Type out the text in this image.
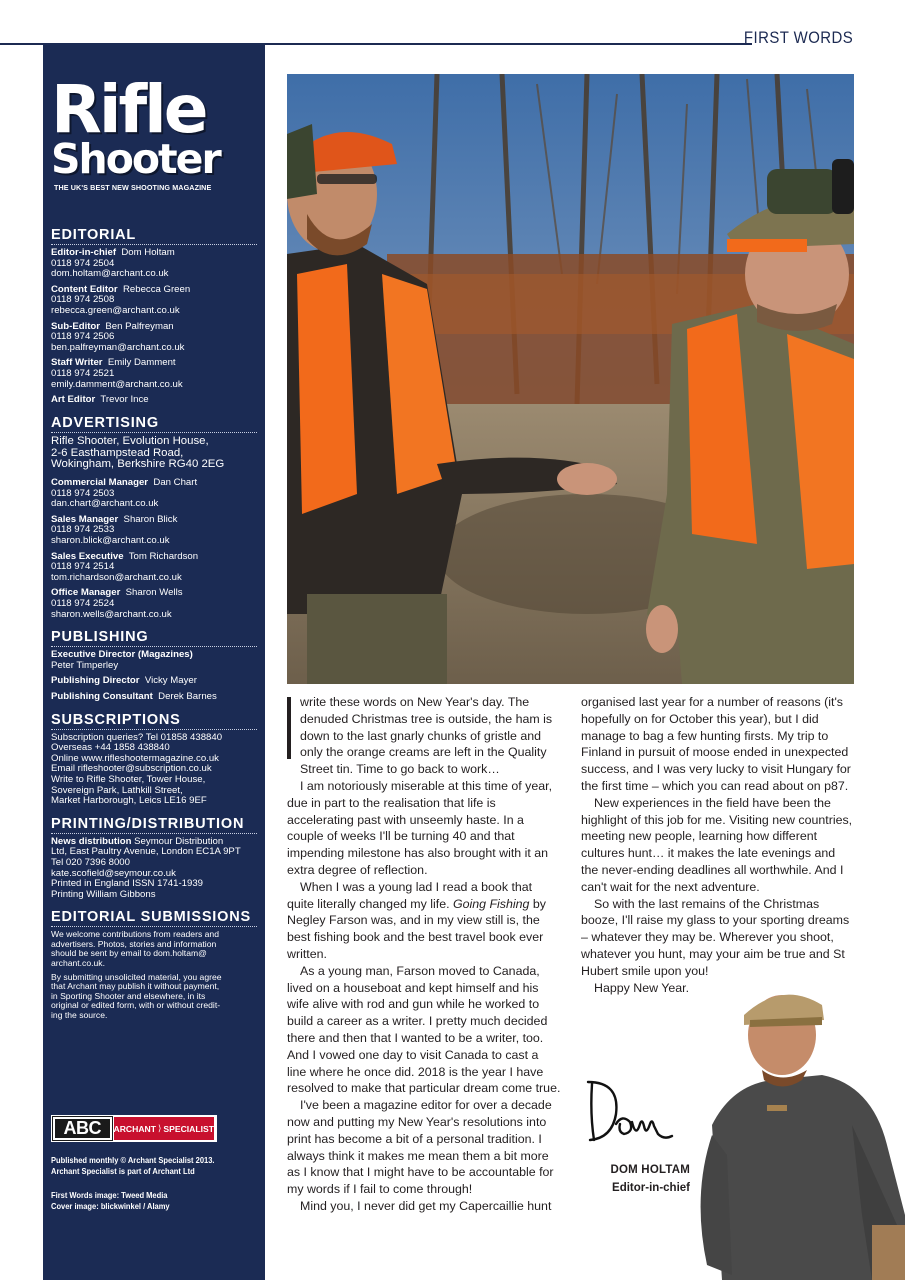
FIRST WORDS
Rifle
Shooter
THE UK'S BEST NEW SHOOTING MAGAZINE
EDITORIAL
Editor-in-chief Dom Holtam
0118 974 2504
dom.holtam@archant.co.uk
Content Editor Rebecca Green
0118 974 2508
rebecca.green@archant.co.uk
Sub-Editor Ben Palfreyman
0118 974 2506
ben.palfreyman@archant.co.uk
Staff Writer Emily Damment
0118 974 2521
emily.damment@archant.co.uk
Art Editor Trevor Ince
ADVERTISING
Rifle Shooter, Evolution House,
2-6 Easthampstead Road,
Wokingham, Berkshire RG40 2EG
Commercial Manager Dan Chart
0118 974 2503
dan.chart@archant.co.uk
Sales Manager Sharon Blick
0118 974 2533
sharon.blick@archant.co.uk
Sales Executive Tom Richardson
0118 974 2514
tom.richardson@archant.co.uk
Office Manager Sharon Wells
0118 974 2524
sharon.wells@archant.co.uk
PUBLISHING
Executive Director (Magazines)
Peter Timperley
Publishing Director Vicky Mayer
Publishing Consultant Derek Barnes
SUBSCRIPTIONS
Subscription queries? Tel 01858 438840
Overseas +44 1858 438840
Online www.rifleshootermagazine.co.uk
Email rifleshooter@subscription.co.uk
Write to Rifle Shooter, Tower House,
Sovereign Park, Lathkill Street,
Market Harborough, Leics LE16 9EF
PRINTING/DISTRIBUTION
News distribution Seymour Distribution
Ltd, East Paultry Avenue, London EC1A 9PT
Tel 020 7396 8000
kate.scofield@seymour.co.uk
Printed in England ISSN 1741-1939
Printing William Gibbons
EDITORIAL SUBMISSIONS
We welcome contributions from readers and
advertisers. Photos, stories and information
should be sent by email to dom.holtam@
archant.co.uk.
By submitting unsolicited material, you agree
that Archant may publish it without payment,
in Sporting Shooter and elsewhere, in its
original or edited form, with or without credit-
ing the source.
ABC	ARCHANT ⟩ SPECIALIST
Published monthly © Archant Specialist 2013.
Archant Specialist is part of Archant Ltd
First Words image: Tweed Media
Cover image: blickwinkel / Alamy

write these words on New Year's day. The denuded Christmas tree is outside, the ham is down to the last gnarly chunks of gristle and only the orange creams are left in the Quality Street tin. Time to go back to work…

I am notoriously miserable at this time of year, due in part to the realisation that life is accelerating past with unseemly haste. In a couple of weeks I'll be turning 40 and that impending milestone has also brought with it an extra degree of reflection.

When I was a young lad I read a book that quite literally changed my life. Going Fishing by Negley Farson was, and in my view still is, the best fishing book and the best travel book ever written.

As a young man, Farson moved to Canada, lived on a houseboat and kept himself and his wife alive with rod and gun while he worked to build a career as a writer. I pretty much decided there and then that I wanted to be a writer, too. And I vowed one day to visit Canada to cast a line where he once did. 2018 is the year I have resolved to make that particular dream come true.

I've been a magazine editor for over a decade now and putting my New Year's resolutions into print has become a bit of a personal tradition. I always think it makes me mean them a bit more as I know that I might have to be accountable for my words if I fail to come through!

Mind you, I never did get my Capercaillie hunt

organised last year for a number of reasons (it's hopefully on for October this year), but I did manage to bag a few hunting firsts. My trip to Finland in pursuit of moose ended in unexpected success, and I was very lucky to visit Hungary for the first time – which you can read about on p87.

New experiences in the field have been the highlight of this job for me. Visiting new countries, meeting new people, learning how different cultures hunt… it makes the late evenings and the never-ending deadlines all worthwhile. And I can't wait for the next adventure.

So with the last remains of the Christmas booze, I'll raise my glass to your sporting dreams – whatever they may be. Wherever you shoot, whatever you hunt, may your aim be true and St Hubert smile upon you!

Happy New Year.

DOM HOLTAM
Editor-in-chief
